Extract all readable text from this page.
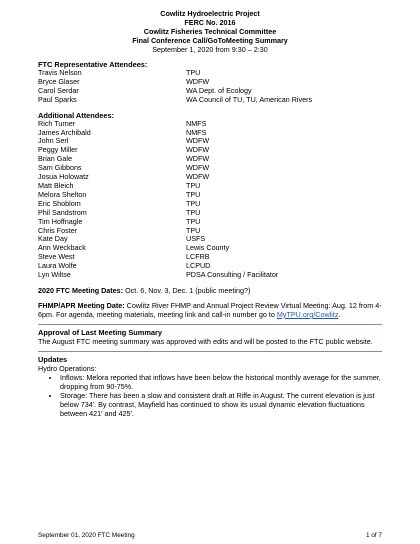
Cowlitz Hydroelectric Project
FERC No. 2016
Cowlitz Fisheries Technical Committee
Final Conference Call/GoToMeeting Summary
September 1, 2020 from 9:30 – 2:30
FTC Representative Attendees:
Travis Nelson	TPU
Bryce Glaser	WDFW
Carol Serdar	WA Dept. of Ecology
Paul Sparks	WA Council of TU, TU, American Rivers
Additional Attendees:
Rich Turner	NMFS
James Archibald	NMFS
John Serl	WDFW
Peggy Miller	WDFW
Brian Gale	WDFW
Sam Gibbons	WDFW
Josua Holowatz	WDFW
Matt Bleich	TPU
Melora Shelton	TPU
Eric Shoblom	TPU
Phil Sandstrom	TPU
Tim Hoffnagle	TPU
Chris Foster	TPU
Kate Day	USFS
Ann Weckback	Lewis County
Steve West	LCFRB
Laura Wolfe	LCPUD
Lyn Wiltse	PDSA Consulting / Facilitator
2020 FTC Meeting Dates: Oct. 6, Nov. 3, Dec. 1 (public meeting?)
FHMP/APR Meeting Date: Cowlitz River FHMP and Annual Project Review Virtual Meeting: Aug. 12 from 4-6pm. For agenda, meeting materials, meeting link and call-in number go to MyTPU.org/Cowlitz.
Approval of Last Meeting Summary
The August FTC meeting summary was approved with edits and will be posted to the FTC public website.
Updates
Hydro Operations:
• Inflows: Melora reported that inflows have been below the historical monthly average for the summer, dropping from 90-75%.
• Storage: There has been a slow and consistent draft at Riffe in August. The current elevation is just below 734'. By contrast, Mayfield has continued to show its usual dynamic elevation fluctuations between 421' and 425'.
September 01, 2020 FTC Meeting	1 of 7
